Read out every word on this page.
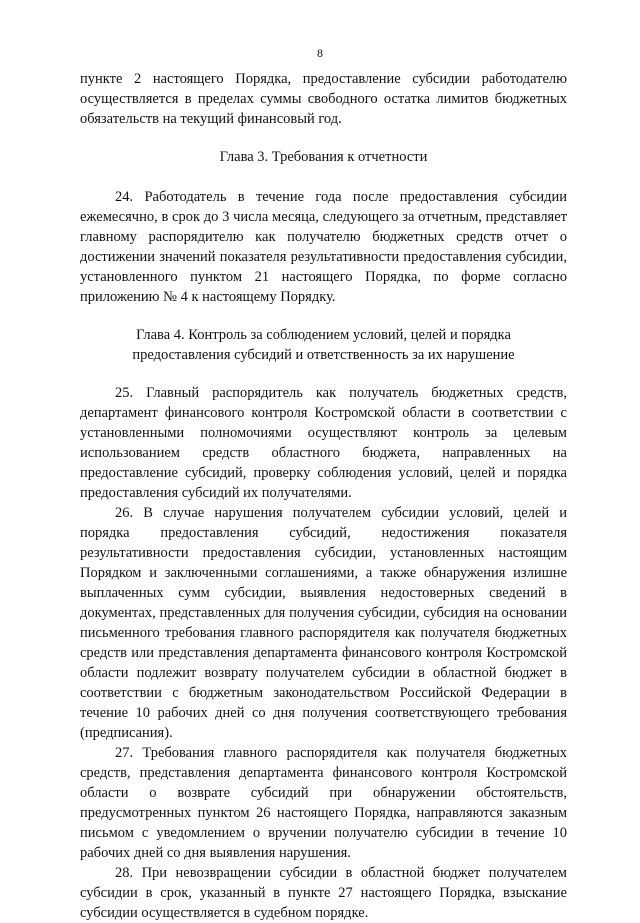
8

пункте 2 настоящего Порядка, предоставление субсидии работодателю осуществляется в пределах суммы свободного остатка лимитов бюджетных обязательств на текущий финансовый год.

Глава 3. Требования к отчетности

24. Работодатель в течение года после предоставления субсидии ежемесячно, в срок до 3 числа месяца, следующего за отчетным, представляет главному распорядителю как получателю бюджетных средств отчет о достижении значений показателя результативности предоставления субсидии, установленного пунктом 21 настоящего Порядка, по форме согласно приложению № 4 к настоящему Порядку.

Глава 4. Контроль за соблюдением условий, целей и порядка
предоставления субсидий и ответственность за их нарушение

25. Главный распорядитель как получатель бюджетных средств, департамент финансового контроля Костромской области в соответствии с установленными полномочиями осуществляют контроль за целевым использованием средств областного бюджета, направленных на предоставление субсидий, проверку соблюдения условий, целей и порядка предоставления субсидий их получателями.

26. В случае нарушения получателем субсидии условий, целей и порядка предоставления субсидий, недостижения показателя результативности предоставления субсидии, установленных настоящим Порядком и заключенными соглашениями, а также обнаружения излишне выплаченных сумм субсидии, выявления недостоверных сведений в документах, представленных для получения субсидии, субсидия на основании письменного требования главного распорядителя как получателя бюджетных средств или представления департамента финансового контроля Костромской области подлежит возврату получателем субсидии в областной бюджет в соответствии с бюджетным законодательством Российской Федерации в течение 10 рабочих дней со дня получения соответствующего требования (предписания).

27. Требования главного распорядителя как получателя бюджетных средств, представления департамента финансового контроля Костромской области о возврате субсидий при обнаружении обстоятельств, предусмотренных пунктом 26 настоящего Порядка, направляются заказным письмом с уведомлением о вручении получателю субсидии в течение 10 рабочих дней со дня выявления нарушения.

28. При невозвращении субсидии в областной бюджет получателем субсидии в срок, указанный в пункте 27 настоящего Порядка, взыскание субсидии осуществляется в судебном порядке.
